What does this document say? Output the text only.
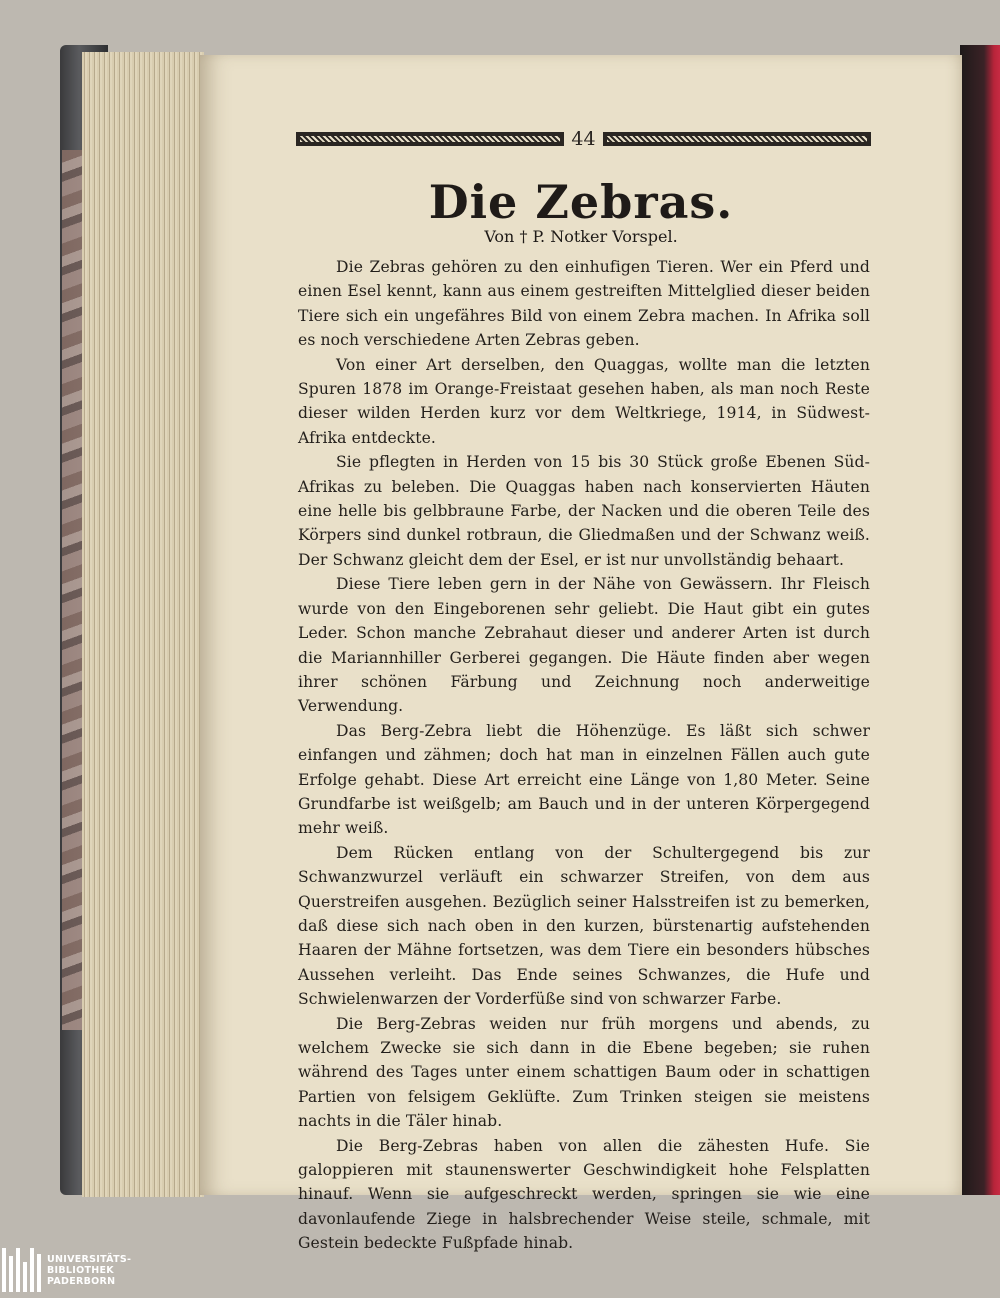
44
Die Zebras.
Von † P. Notker Vorspel.

Die Zebras gehören zu den einhufigen Tieren. Wer ein Pferd und einen Esel kennt, kann aus einem gestreiften Mittelglied dieser beiden Tiere sich ein ungefähres Bild von einem Zebra machen. In Afrika soll es noch verschiedene Arten Zebras geben.

Von einer Art derselben, den Quaggas, wollte man die letzten Spuren 1878 im Orange-Freistaat gesehen haben, als man noch Reste dieser wilden Herden kurz vor dem Weltkriege, 1914, in Südwest-Afrika entdeckte.

Sie pflegten in Herden von 15 bis 30 Stück große Ebenen Süd-Afrikas zu beleben. Die Quaggas haben nach konservierten Häuten eine helle bis gelbbraune Farbe, der Nacken und die oberen Teile des Körpers sind dunkel rotbraun, die Gliedmaßen und der Schwanz weiß. Der Schwanz gleicht dem der Esel, er ist nur unvollständig behaart.

Diese Tiere leben gern in der Nähe von Gewässern. Ihr Fleisch wurde von den Eingeborenen sehr geliebt. Die Haut gibt ein gutes Leder. Schon manche Zebrahaut dieser und anderer Arten ist durch die Mariannhiller Gerberei gegangen. Die Häute finden aber wegen ihrer schönen Färbung und Zeichnung noch anderweitige Verwendung.

Das Berg-Zebra liebt die Höhenzüge. Es läßt sich schwer einfangen und zähmen; doch hat man in einzelnen Fällen auch gute Erfolge gehabt. Diese Art erreicht eine Länge von 1,80 Meter. Seine Grundfarbe ist weißgelb; am Bauch und in der unteren Körpergegend mehr weiß.

Dem Rücken entlang von der Schultergegend bis zur Schwanzwurzel verläuft ein schwarzer Streifen, von dem aus Querstreifen ausgehen. Bezüglich seiner Halsstreifen ist zu bemerken, daß diese sich nach oben in den kurzen, bürstenartig aufstehenden Haaren der Mähne fortsetzen, was dem Tiere ein besonders hübsches Aussehen verleiht. Das Ende seines Schwanzes, die Hufe und Schwielenwarzen der Vorderfüße sind von schwarzer Farbe.

Die Berg-Zebras weiden nur früh morgens und abends, zu welchem Zwecke sie sich dann in die Ebene begeben; sie ruhen während des Tages unter einem schattigen Baum oder in schattigen Partien von felsigem Geklüfte. Zum Trinken steigen sie meistens nachts in die Täler hinab.

Die Berg-Zebras haben von allen die zähesten Hufe. Sie galoppieren mit staunenswerter Geschwindigkeit hohe Felsplatten hinauf. Wenn sie aufgeschreckt werden, springen sie wie eine davonlaufende Ziege in halsbrechender Weise steile, schmale, mit Gestein bedeckte Fußpfade hinab.

UNIVERSITÄTS-
BIBLIOTHEK
PADERBORN
